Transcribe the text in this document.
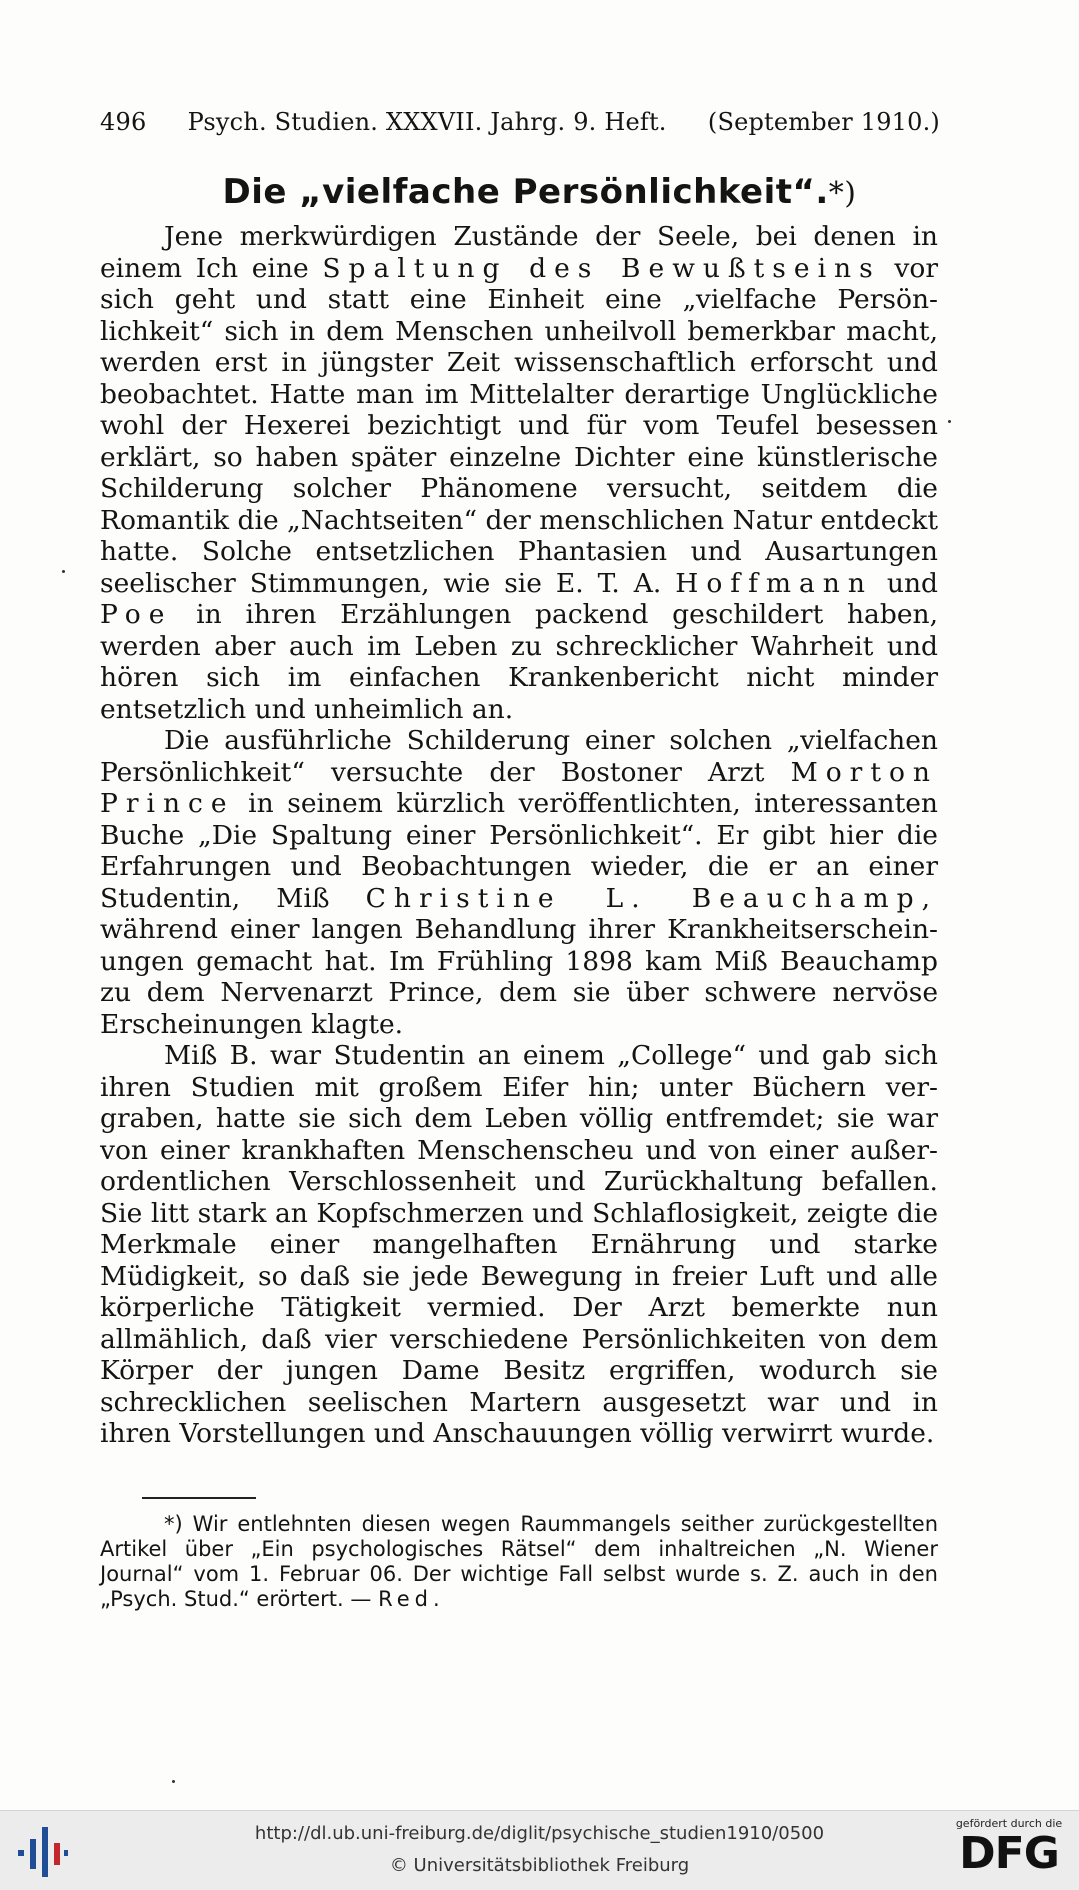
496 Psych. Studien. XXXVII. Jahrg. 9. Heft. (September 1910.)
Die „vielfache Persönlichkeit“.*)

Jene merkwürdigen Zustände der Seele, bei denen in einem Ich eine Spaltung des Bewußtseins vor sich geht und statt eine Einheit eine „vielfache Persönlichkeit“ sich in dem Menschen unheilvoll bemerkbar macht, werden erst in jüngster Zeit wissenschaftlich erforscht und beobachtet. Hatte man im Mittelalter derartige Unglückliche wohl der Hexerei bezichtigt und für vom Teufel besessen erklärt, so haben später einzelne Dichter eine künstlerische Schilderung solcher Phänomene versucht, seitdem die Romantik die „Nachtseiten“ der menschlichen Natur entdeckt hatte. Solche entsetzlichen Phantasien und Ausartungen seelischer Stimmungen, wie sie E. T. A. Hoffmann und Poe in ihren Erzählungen packend geschildert haben, werden aber auch im Leben zu schrecklicher Wahrheit und hören sich im einfachen Krankenbericht nicht minder entsetzlich und unheimlich an.

Die ausführliche Schilderung einer solchen „vielfachen Persönlichkeit“ versuchte der Bostoner Arzt Morton Prince in seinem kürzlich veröffentlichten, interessanten Buche „Die Spaltung einer Persönlichkeit“. Er gibt hier die Erfahrungen und Beobachtungen wieder, die er an einer Studentin, Miß Christine L. Beauchamp, während einer langen Behandlung ihrer Krankheitserscheinungen gemacht hat. Im Frühling 1898 kam Miß Beauchamp zu dem Nervenarzt Prince, dem sie über schwere nervöse Erscheinungen klagte.

Miß B. war Studentin an einem „College“ und gab sich ihren Studien mit großem Eifer hin; unter Büchern vergraben, hatte sie sich dem Leben völlig entfremdet; sie war von einer krankhaften Menschenscheu und von einer außerordentlichen Verschlossenheit und Zurückhaltung befallen. Sie litt stark an Kopfschmerzen und Schlaflosigkeit, zeigte die Merkmale einer mangelhaften Ernährung und starke Müdigkeit, so daß sie jede Bewegung in freier Luft und alle körperliche Tätigkeit vermied. Der Arzt bemerkte nun allmählich, daß vier verschiedene Persönlichkeiten von dem Körper der jungen Dame Besitz ergriffen, wodurch sie schrecklichen seelischen Martern ausgesetzt war und in ihren Vorstellungen und Anschauungen völlig verwirrt wurde.

*) Wir entlehnten diesen wegen Raummangels seither zurückgestellten Artikel über „Ein psychologisches Rätsel“ dem inhaltreichen „N. Wiener Journal“ vom 1. Februar 06. Der wichtige Fall selbst wurde s. Z. auch in den „Psych. Stud.“ erörtert. — Red.
http://dl.ub.uni-freiburg.de/diglit/psychische_studien1910/0500
© Universitätsbibliothek Freiburg
gefördert durch die
DFG
